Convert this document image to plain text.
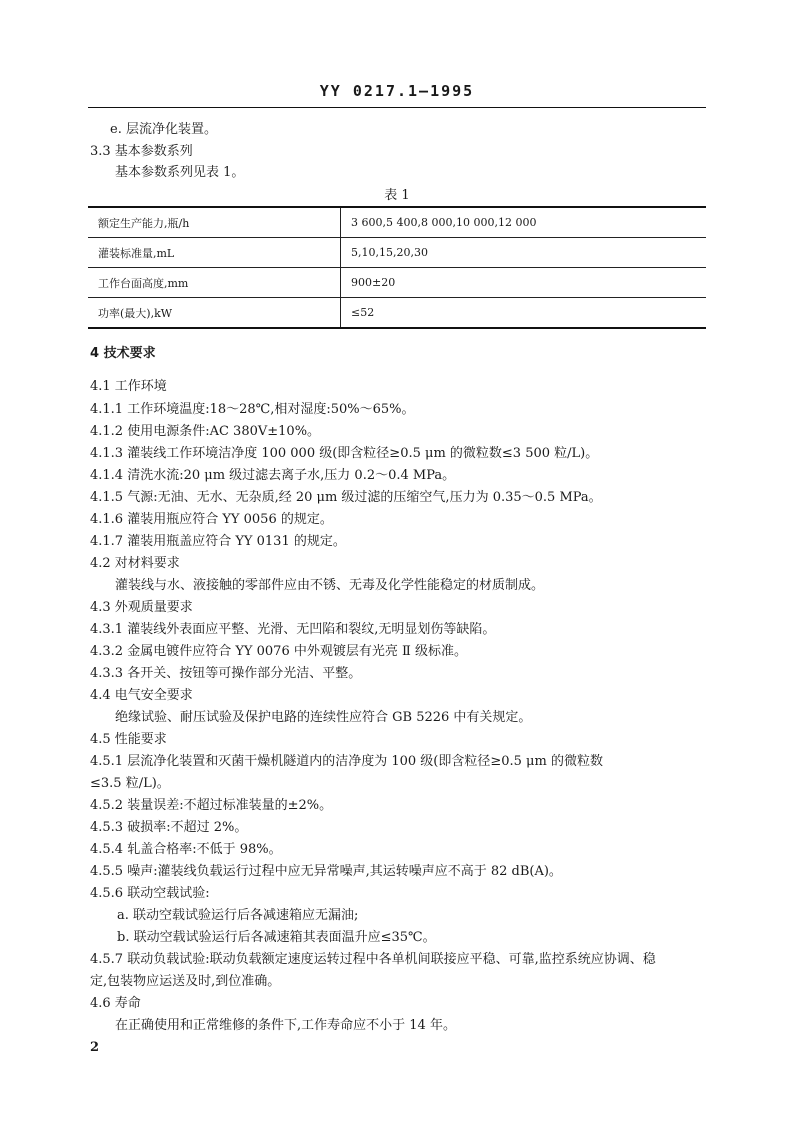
YY 0217.1—1995
e. 层流净化装置。
3.3 基本参数系列
基本参数系列见表 1。
表 1
额定生产能力,瓶/h	3 600,5 400,8 000,10 000,12 000
灌装标准量,mL	5,10,15,20,30
工作台面高度,mm	900±20
功率(最大),kW	≤52
4 技术要求
4.1 工作环境
4.1.1 工作环境温度:18～28℃,相对湿度:50%～65%。
4.1.2 使用电源条件:AC 380V±10%。
4.1.3 灌装线工作环境洁净度 100 000 级(即含粒径≥0.5 μm 的微粒数≤3 500 粒/L)。
4.1.4 清洗水流:20 μm 级过滤去离子水,压力 0.2～0.4 MPa。
4.1.5 气源:无油、无水、无杂质,经 20 μm 级过滤的压缩空气,压力为 0.35～0.5 MPa。
4.1.6 灌装用瓶应符合 YY 0056 的规定。
4.1.7 灌装用瓶盖应符合 YY 0131 的规定。
4.2 对材料要求
灌装线与水、液接触的零部件应由不锈、无毒及化学性能稳定的材质制成。
4.3 外观质量要求
4.3.1 灌装线外表面应平整、光滑、无凹陷和裂纹,无明显划伤等缺陷。
4.3.2 金属电镀件应符合 YY 0076 中外观镀层有光亮 Ⅱ 级标准。
4.3.3 各开关、按钮等可操作部分光洁、平整。
4.4 电气安全要求
绝缘试验、耐压试验及保护电路的连续性应符合 GB 5226 中有关规定。
4.5 性能要求
4.5.1 层流净化装置和灭菌干燥机隧道内的洁净度为 100 级(即含粒径≥0.5 μm 的微粒数
≤3.5 粒/L)。
4.5.2 装量误差:不超过标准装量的±2%。
4.5.3 破损率:不超过 2%。
4.5.4 轧盖合格率:不低于 98%。
4.5.5 噪声:灌装线负载运行过程中应无异常噪声,其运转噪声应不高于 82 dB(A)。
4.5.6 联动空载试验:
a. 联动空载试验运行后各减速箱应无漏油;
b. 联动空载试验运行后各减速箱其表面温升应≤35℃。
4.5.7 联动负载试验:联动负载额定速度运转过程中各单机间联接应平稳、可靠,监控系统应协调、稳
定,包装物应运送及时,到位准确。
4.6 寿命
在正确使用和正常维修的条件下,工作寿命应不小于 14 年。
2
